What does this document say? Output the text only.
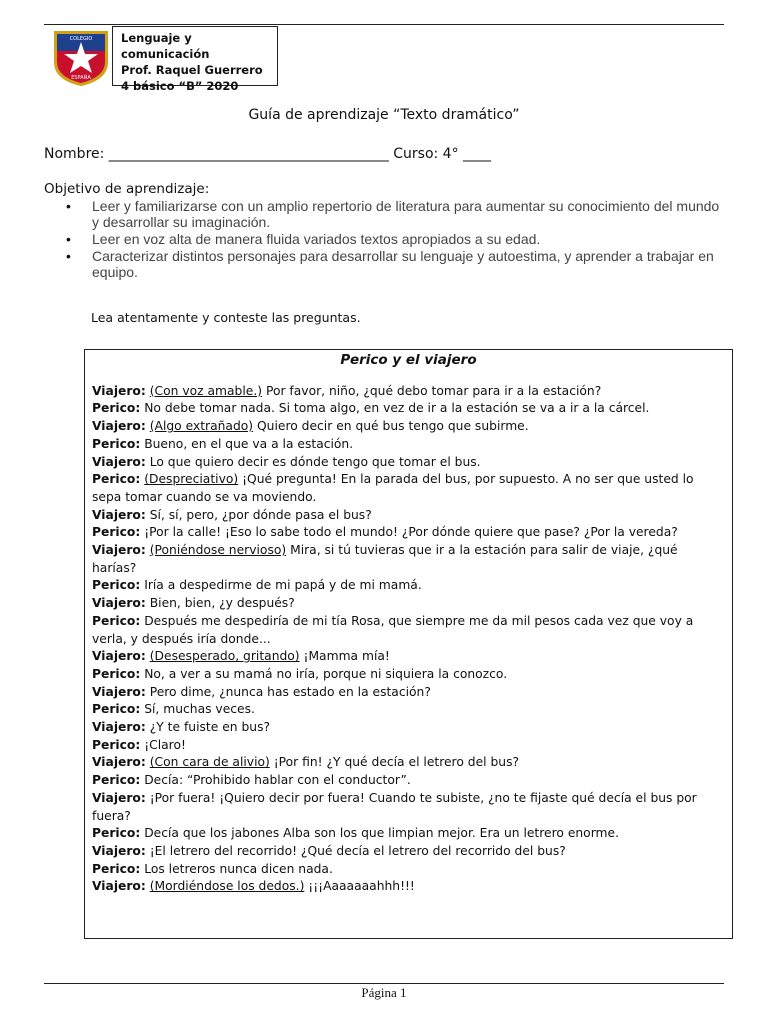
COLEGIO
ESPAÑA
Lenguaje y comunicación
Prof. Raquel Guerrero
4 básico “B” 2020
Guía de aprendizaje “Texto dramático”
Nombre: ________________________________________ Curso: 4° ____
Objetivo de aprendizaje:
• Leer y familiarizarse con un amplio repertorio de literatura para aumentar su conocimiento del mundo y desarrollar su imaginación.
• Leer en voz alta de manera fluida variados textos apropiados a su edad.
• Caracterizar distintos personajes para desarrollar su lenguaje y autoestima, y aprender a trabajar en equipo.
Lea atentamente y conteste las preguntas.
Perico y el viajero
Viajero: (Con voz amable.) Por favor, niño, ¿qué debo tomar para ir a la estación?
Perico: No debe tomar nada. Si toma algo, en vez de ir a la estación se va a ir a la cárcel.
Viajero: (Algo extrañado) Quiero decir en qué bus tengo que subirme.
Perico: Bueno, en el que va a la estación.
Viajero: Lo que quiero decir es dónde tengo que tomar el bus.
Perico: (Despreciativo) ¡Qué pregunta! En la parada del bus, por supuesto. A no ser que usted lo sepa tomar cuando se va moviendo.
Viajero: Sí, sí, pero, ¿por dónde pasa el bus?
Perico: ¡Por la calle! ¡Eso lo sabe todo el mundo! ¿Por dónde quiere que pase? ¿Por la vereda?
Viajero: (Poniéndose nervioso) Mira, si tú tuvieras que ir a la estación para salir de viaje, ¿qué harías?
Perico: Iría a despedirme de mi papá y de mi mamá.
Viajero: Bien, bien, ¿y después?
Perico: Después me despediría de mi tía Rosa, que siempre me da mil pesos cada vez que voy a verla, y después iría donde...
Viajero: (Desesperado, gritando) ¡Mamma mía!
Perico: No, a ver a su mamá no iría, porque ni siquiera la conozco.
Viajero: Pero dime, ¿nunca has estado en la estación?
Perico: Sí, muchas veces.
Viajero: ¿Y te fuiste en bus?
Perico: ¡Claro!
Viajero: (Con cara de alivio) ¡Por fin! ¿Y qué decía el letrero del bus?
Perico: Decía: “Prohibido hablar con el conductor”.
Viajero: ¡Por fuera! ¡Quiero decir por fuera! Cuando te subiste, ¿no te fijaste qué decía el bus por fuera?
Perico: Decía que los jabones Alba son los que limpian mejor. Era un letrero enorme.
Viajero: ¡El letrero del recorrido! ¿Qué decía el letrero del recorrido del bus?
Perico: Los letreros nunca dicen nada.
Viajero: (Mordiéndose los dedos.) ¡¡¡Aaaaaaahhh!!!
Página 1
